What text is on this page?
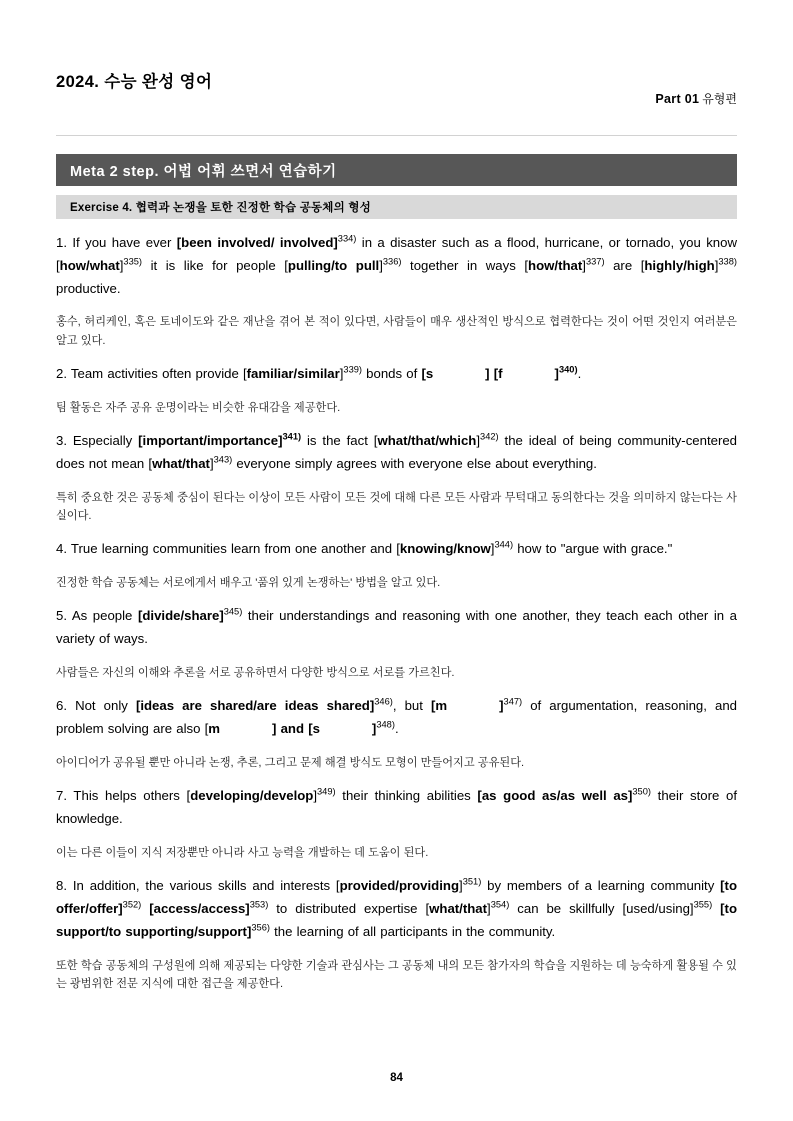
2024. 수능 완성 영어

Part 01 유형편

Meta 2 step. 어법 어휘 쓰면서 연습하기
Exercise 4. 협력과 논쟁을 토한 진정한 학습 공동체의 형성

1. If you have ever [been involved/ involved]$^{334)}$ in a disaster such as a flood, hurricane, or tornado, you know [how/what]$^{335)}$ it is like for people [pulling/to pull]$^{336)}$ together in ways [how/that]$^{337)}$ are [highly/high]$^{338)}$ productive.

홍수, 허리케인, 혹은 토네이도와 같은 재난을 겪어 본 적이 있다면, 사람들이 매우 생산적인 방식으로 협력한다는 것이 어떤 것인지 여러분은 알고 있다.

2. Team activities often provide [familiar/similar]$^{339)}$ bonds of [s	] [f	]$^{340)}$.

팀 활동은 자주 공유 운명이라는 비슷한 유대감을 제공한다.

3. Especially [important/importance]$^{341)}$ is the fact [what/that/which]$^{342)}$ the ideal of being community-centered does not mean [what/that]$^{343)}$ everyone simply agrees with everyone else about everything.

특히 중요한 것은 공동체 중심이 된다는 이상이 모든 사람이 모든 것에 대해 다른 모든 사람과 무턱대고 동의한다는 것을 의미하지 않는다는 사실이다.

4. True learning communities learn from one another and [knowing/know]$^{344)}$ how to "argue with grace."

진정한 학습 공동체는 서로에게서 배우고 '품위 있게 논쟁하는' 방법을 알고 있다.

5. As people [divide/share]$^{345)}$ their understandings and reasoning with one another, they teach each other in a variety of ways.

사람들은 자신의 이해와 추론을 서로 공유하면서 다양한 방식으로 서로를 가르친다.

6. Not only [ideas are shared/are ideas shared]$^{346)}$, but [m	]$^{347)}$ of argumentation, reasoning, and problem solving are also [m	] and [s	]$^{348)}$.

아이디어가 공유될 뿐만 아니라 논쟁, 추론, 그리고 문제 해결 방식도 모형이 만들어지고 공유된다.

7. This helps others [developing/develop]$^{349)}$ their thinking abilities [as good as/as well as]$^{350)}$ their store of knowledge.

이는 다른 이들이 지식 저장뿐만 아니라 사고 능력을 개발하는 데 도움이 된다.

8. In addition, the various skills and interests [provided/providing]$^{351)}$ by members of a learning community [to offer/offer]$^{352)}$ [access/access]$^{353)}$ to distributed expertise [what/that]$^{354)}$ can be skillfully [used/using]$^{355)}$ [to support/to supporting/support]$^{356)}$ the learning of all participants in the community.

또한 학습 공동체의 구성원에 의해 제공되는 다양한 기술과 관심사는 그 공동체 내의 모든 참가자의 학습을 지원하는 데 능숙하게 활용될 수 있는 광범위한 전문 지식에 대한 접근을 제공한다.

84
